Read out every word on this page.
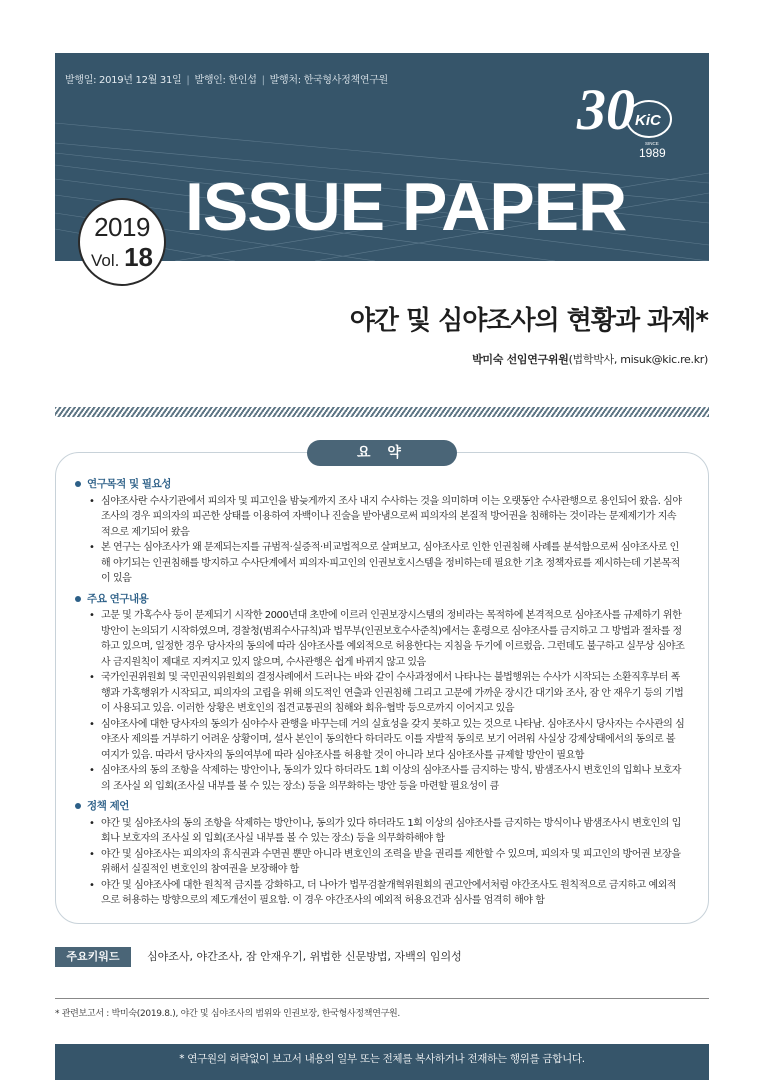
발행일: 2019년 12월 31일 | 발행인: 한인섭 | 발행처: 한국형사정책연구원	30 KiC
SINCE
1989
ISSUE PAPER
2019
Vol. 18
야간 및 심야조사의 현황과 과제*
박미숙 선임연구위원(법학박사, misuk@kic.re.kr)
요 약
연구목적 및 필요성
• 심야조사란 수사기관에서 피의자 및 피고인을 밤늦게까지 조사 내지 수사하는 것을 의미하며 이는 오랫동안 수사관행으로 용인되어 왔음. 심야조사의 경우 피의자의 피곤한 상태를 이용하여 자백이나 진술을 받아냄으로써 피의자의 본질적 방어권을 침해하는 것이라는 문제제기가 지속적으로 제기되어 왔음
• 본 연구는 심야조사가 왜 문제되는지를 규범적·실증적·비교법적으로 살펴보고, 심야조사로 인한 인권침해 사례를 분석함으로써 심야조사로 인해 야기되는 인권침해를 방지하고 수사단계에서 피의자·피고인의 인권보호시스템을 정비하는데 필요한 기초 정책자료를 제시하는데 기본목적이 있음
주요 연구내용
• 고문 및 가혹수사 등이 문제되기 시작한 2000년대 초반에 이르러 인권보장시스템의 정비라는 목적하에 본격적으로 심야조사를 규제하기 위한 방안이 논의되기 시작하였으며, 경찰청(범죄수사규칙)과 법무부(인권보호수사준칙)에서는 훈령으로 심야조사를 금지하고 그 방법과 절차를 정하고 있으며, 일정한 경우 당사자의 동의에 따라 심야조사를 예외적으로 허용한다는 지침을 두기에 이르렀음. 그런데도 불구하고 실무상 심야조사 금지원칙이 제대로 지켜지고 있지 않으며, 수사관행은 쉽게 바뀌지 않고 있음
• 국가인권위원회 및 국민권익위원회의 결정사례에서 드러나는 바와 같이 수사과정에서 나타나는 불법행위는 수사가 시작되는 소환직후부터 폭행과 가혹행위가 시작되고, 피의자의 고립을 위해 의도적인 연출과 인권침해 그리고 고문에 가까운 장시간 대기와 조사, 잠 안 재우기 등의 기법이 사용되고 있음. 이러한 상황은 변호인의 접견교통권의 침해와 회유·협박 등으로까지 이어지고 있음
• 심야조사에 대한 당사자의 동의가 심야수사 관행을 바꾸는데 거의 실효성을 갖지 못하고 있는 것으로 나타남. 심야조사시 당사자는 수사관의 심야조사 제의를 거부하기 어려운 상황이며, 설사 본인이 동의한다 하더라도 이를 자발적 동의로 보기 어려워 사실상 강제상태에서의 동의로 볼 여지가 있음. 따라서 당사자의 동의여부에 따라 심야조사를 허용할 것이 아니라 보다 심야조사를 규제할 방안이 필요함
• 심야조사의 동의 조항을 삭제하는 방안이나, 동의가 있다 하더라도 1회 이상의 심야조사를 금지하는 방식, 밤샘조사시 변호인의 입회나 보호자의 조사실 외 입회(조사실 내부를 볼 수 있는 장소) 등을 의무화하는 방안 등을 마련할 필요성이 큼
정책 제언
• 야간 및 심야조사의 동의 조항을 삭제하는 방안이나, 동의가 있다 하더라도 1회 이상의 심야조사를 금지하는 방식이나 밤샘조사시 변호인의 입회나 보호자의 조사실 외 입회(조사실 내부를 볼 수 있는 장소) 등을 의무화하해야 함
• 야간 및 심야조사는 피의자의 휴식권과 수면권 뿐만 아니라 변호인의 조력을 받을 권리를 제한할 수 있으며, 피의자 및 피고인의 방어권 보장을 위해서 실질적인 변호인의 참여권을 보장해야 함
• 야간 및 심야조사에 대한 원칙적 금지를 강화하고, 더 나아가 법무검찰개혁위원회의 권고안에서처럼 야간조사도 원칙적으로 금지하고 예외적으로 허용하는 방향으로의 제도개선이 필요함. 이 경우 야간조사의 예외적 허용요건과 심사를 엄격히 해야 함
주요키워드	심야조사, 야간조사, 잠 안재우기, 위법한 신문방법, 자백의 임의성
* 관련보고서 : 박미숙(2019.8.), 야간 및 심야조사의 범위와 인권보장, 한국형사정책연구원.
* 연구원의 허락없이 보고서 내용의 일부 또는 전체를 복사하거나 전재하는 행위를 금합니다.
